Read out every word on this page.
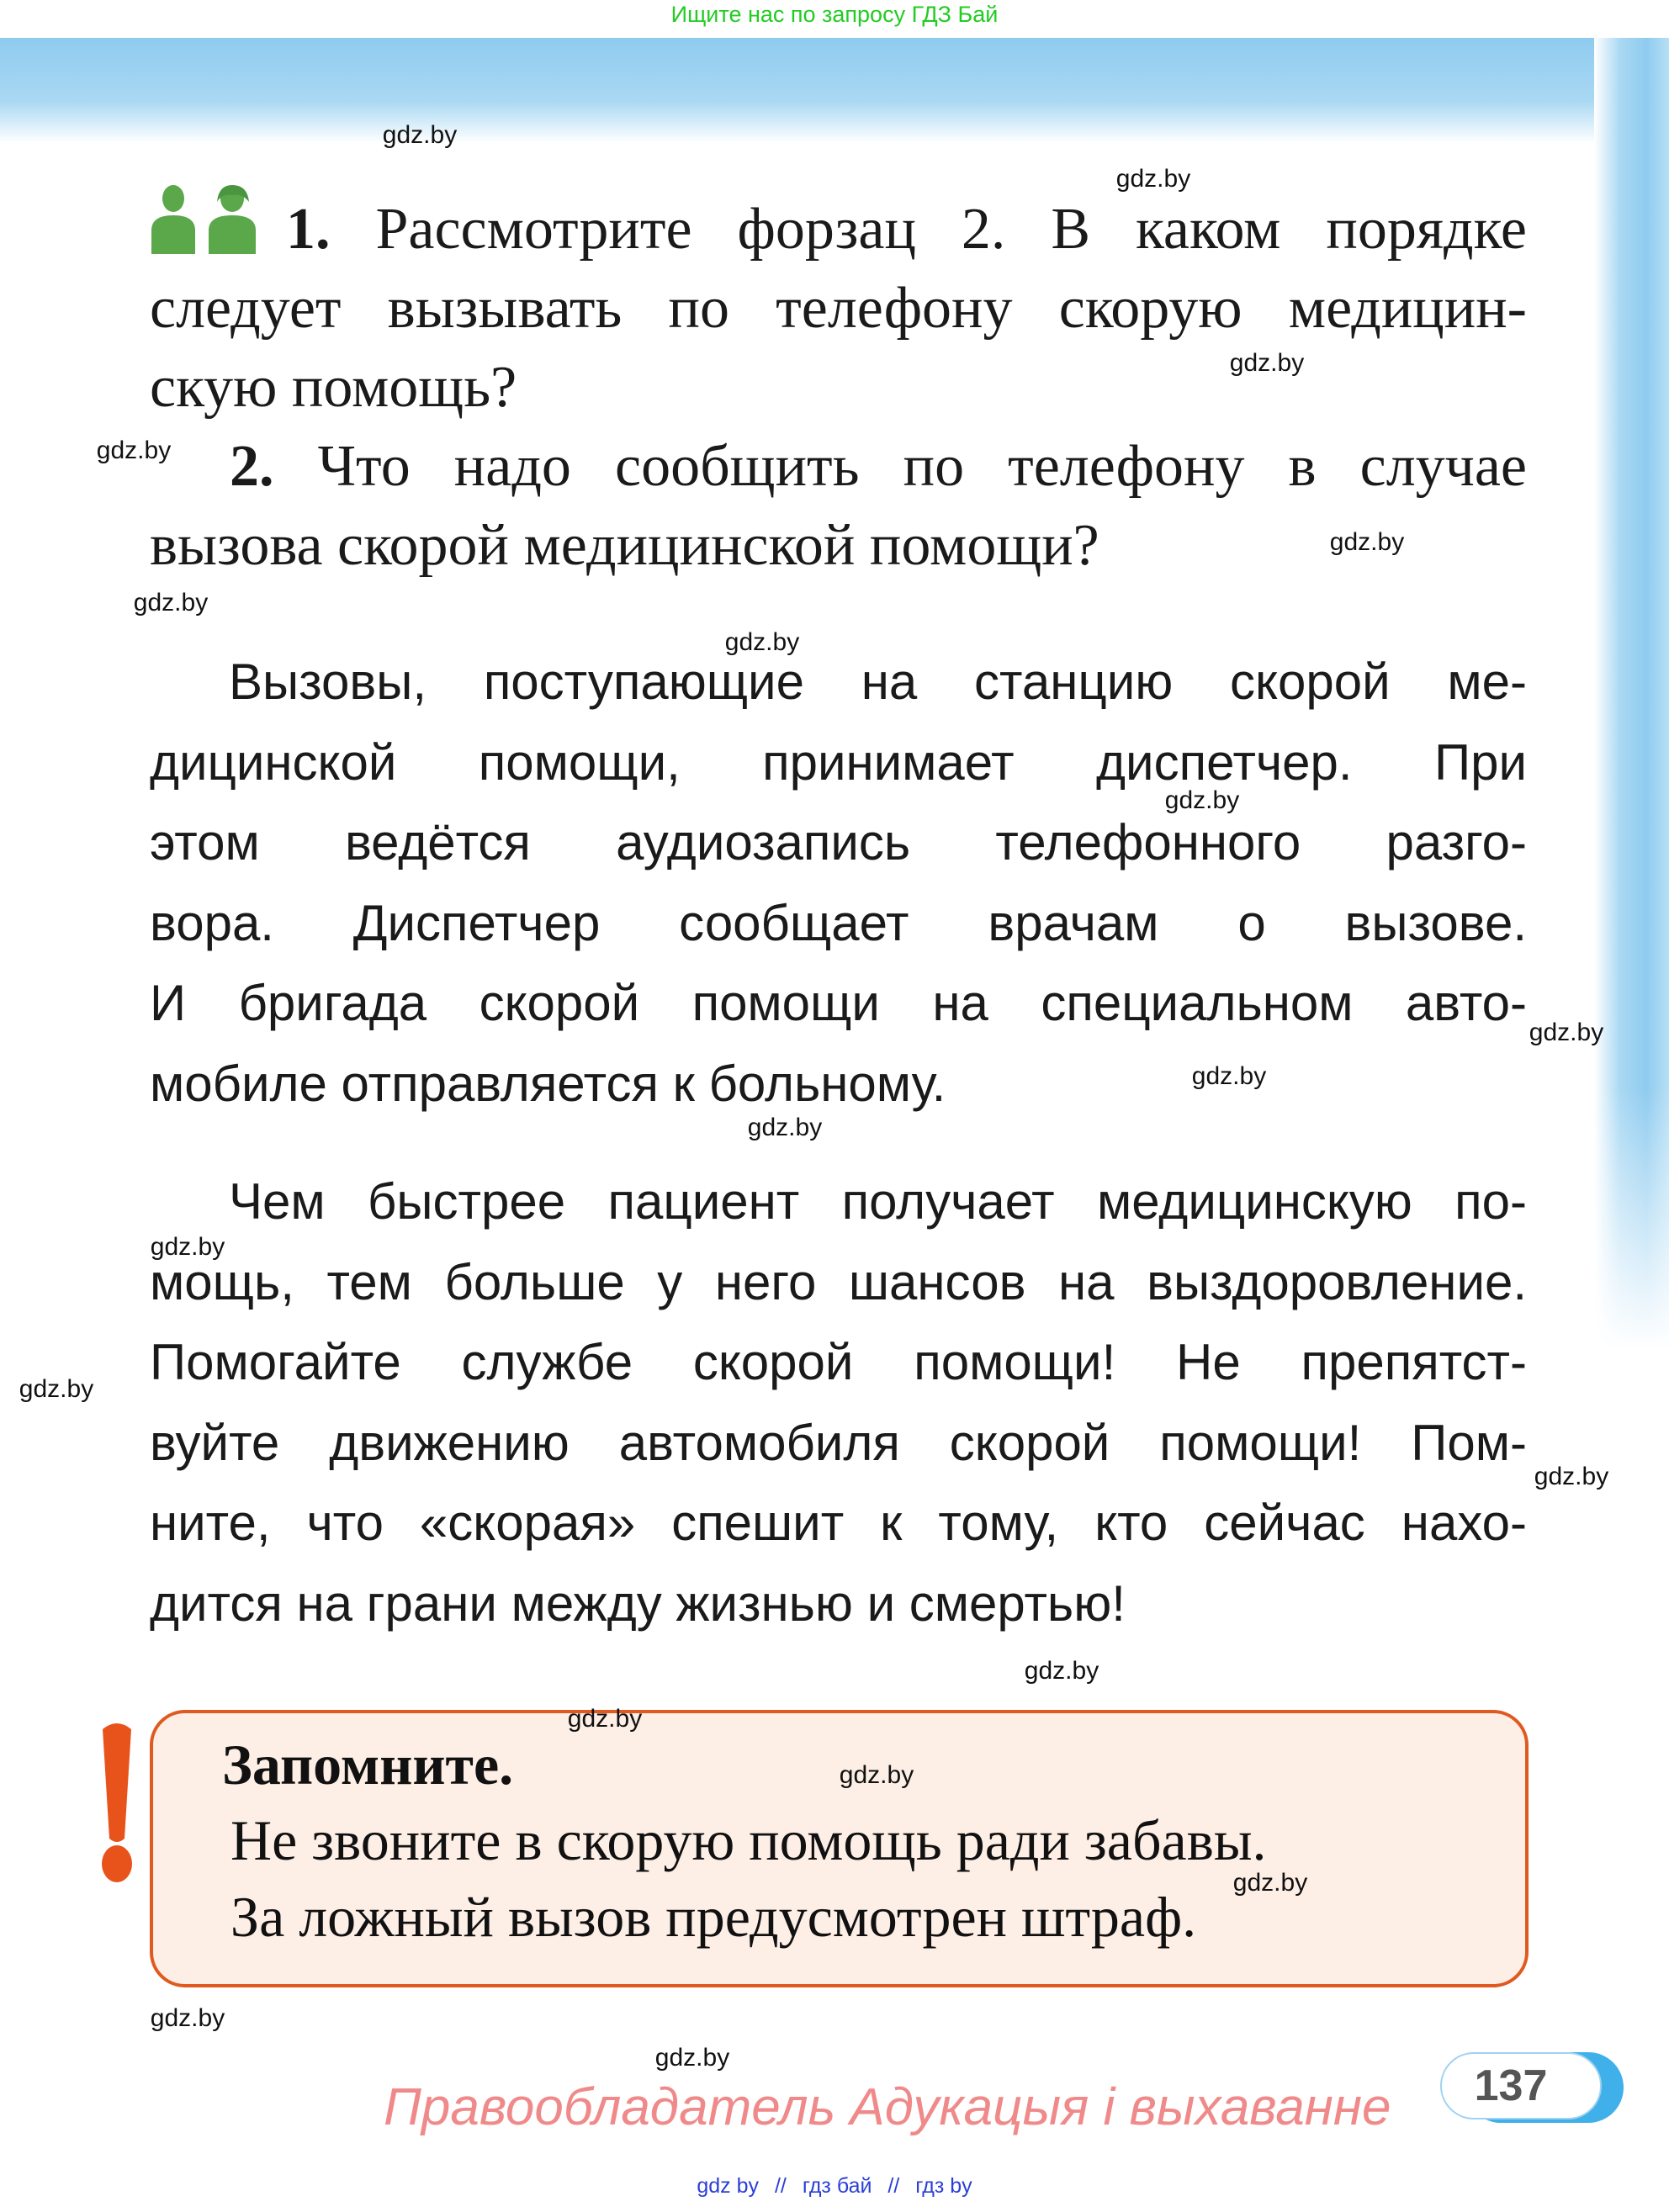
Ищите нас по запросу ГДЗ Бай
1. Рассмотрите форзац 2. В каком порядке
следует вызывать по телефону скорую медицин-
скую помощь?
2. Что надо сообщить по телефону в случае
вызова скорой медицинской помощи?
Вызовы, поступающие на станцию скорой ме-
дицинской помощи, принимает диспетчер. При
этом ведётся аудиозапись телефонного разго-
вора. Диспетчер сообщает врачам о вызове.
И бригада скорой помощи на специальном авто-
мобиле отправляется к больному.
Чем быстрее пациент получает медицинскую по-
мощь, тем больше у него шансов на выздоровление.
Помогайте службе скорой помощи! Не препятст-
вуйте движению автомобиля скорой помощи! Пом-
ните, что «скорая» спешит к тому, кто сейчас нахо-
дится на грани между жизнью и смертью!
Запомните.
Не звоните в скорую помощь ради забавы.
За ложный вызов предусмотрен штраф.
Правообладатель Адукацыя і выхаванне	137
gdz by // гдз бай // гдз by
gdz.by
gdz.by
gdz.by
gdz.by
gdz.by
gdz.by
gdz.by
gdz.by
gdz.by
gdz.by
gdz.by
gdz.by
gdz.by
gdz.by
gdz.by
gdz.by
gdz.by
gdz.by
gdz.by
gdz.by
